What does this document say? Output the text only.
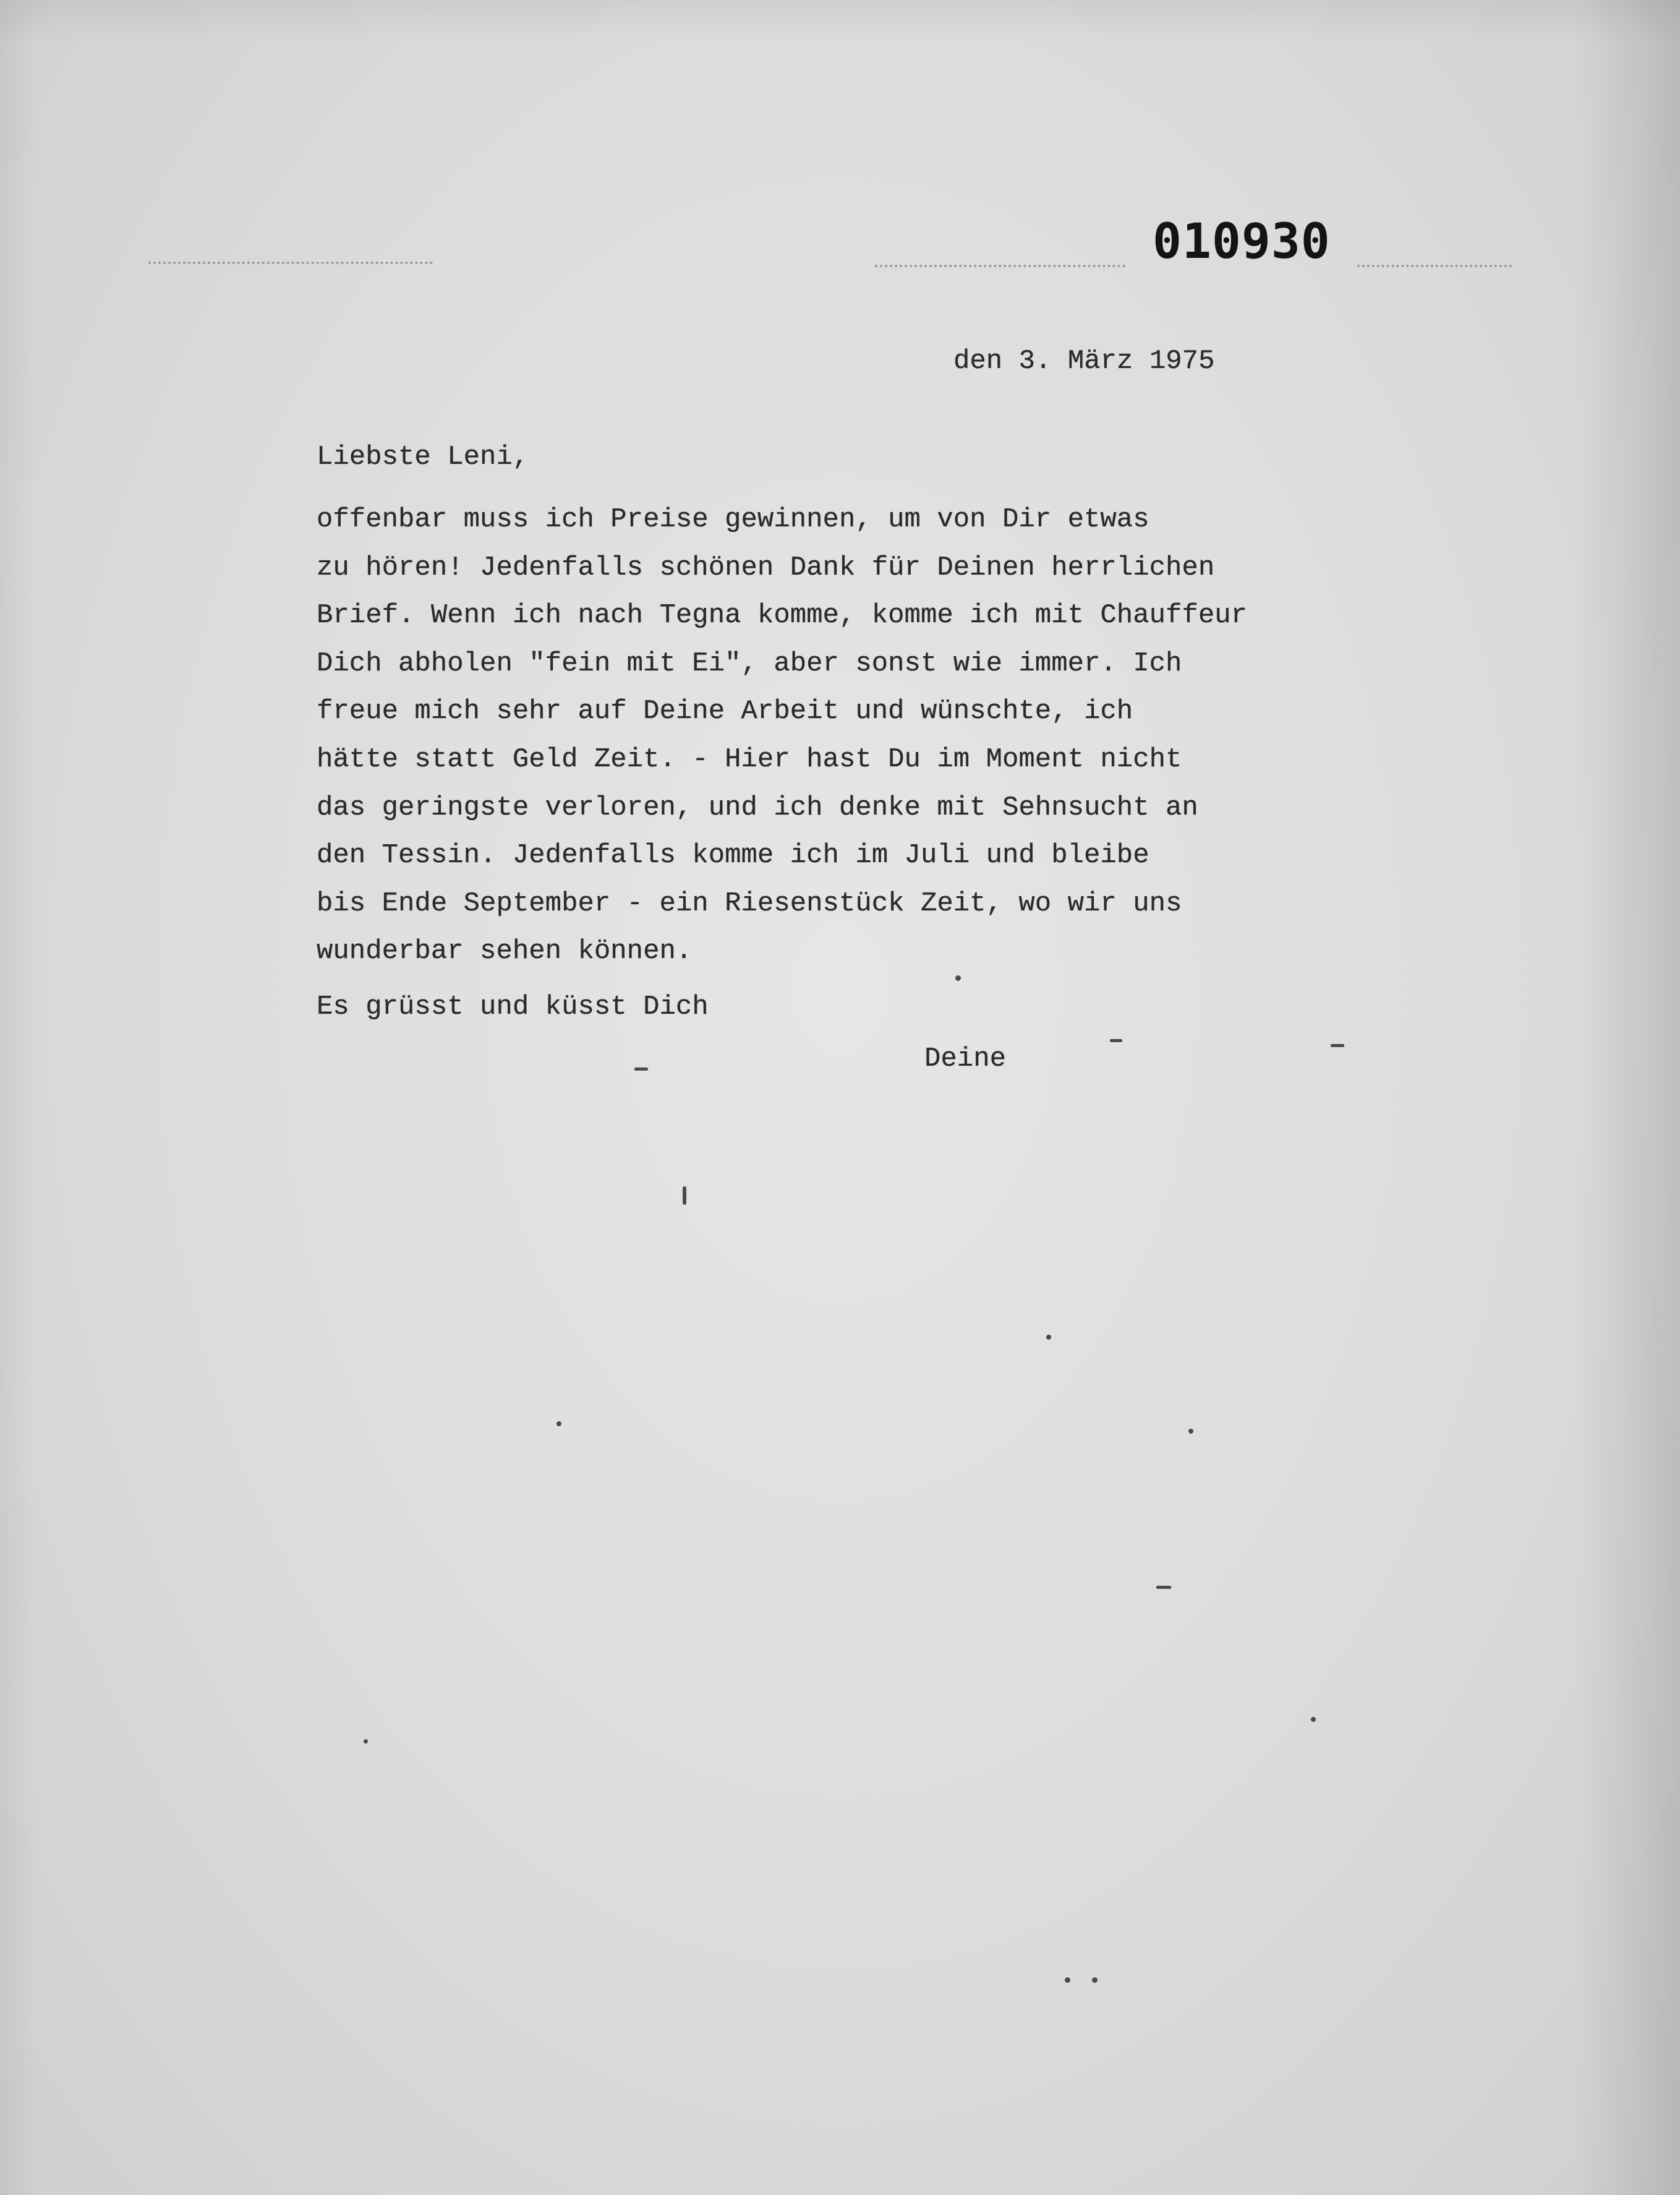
010930
den 3. März 1975
Liebste Leni,
offenbar muss ich Preise gewinnen, um von Dir etwas
zu hören! Jedenfalls schönen Dank für Deinen herrlichen
Brief. Wenn ich nach Tegna komme, komme ich mit Chauffeur
Dich abholen "fein mit Ei", aber sonst wie immer. Ich
freue mich sehr auf Deine Arbeit und wünschte, ich
hätte statt Geld Zeit. - Hier hast Du im Moment nicht
das geringste verloren, und ich denke mit Sehnsucht an
den Tessin. Jedenfalls komme ich im Juli und bleibe
bis Ende September - ein Riesenstück Zeit, wo wir uns
wunderbar sehen können.
Es grüsst und küsst Dich
Deine
